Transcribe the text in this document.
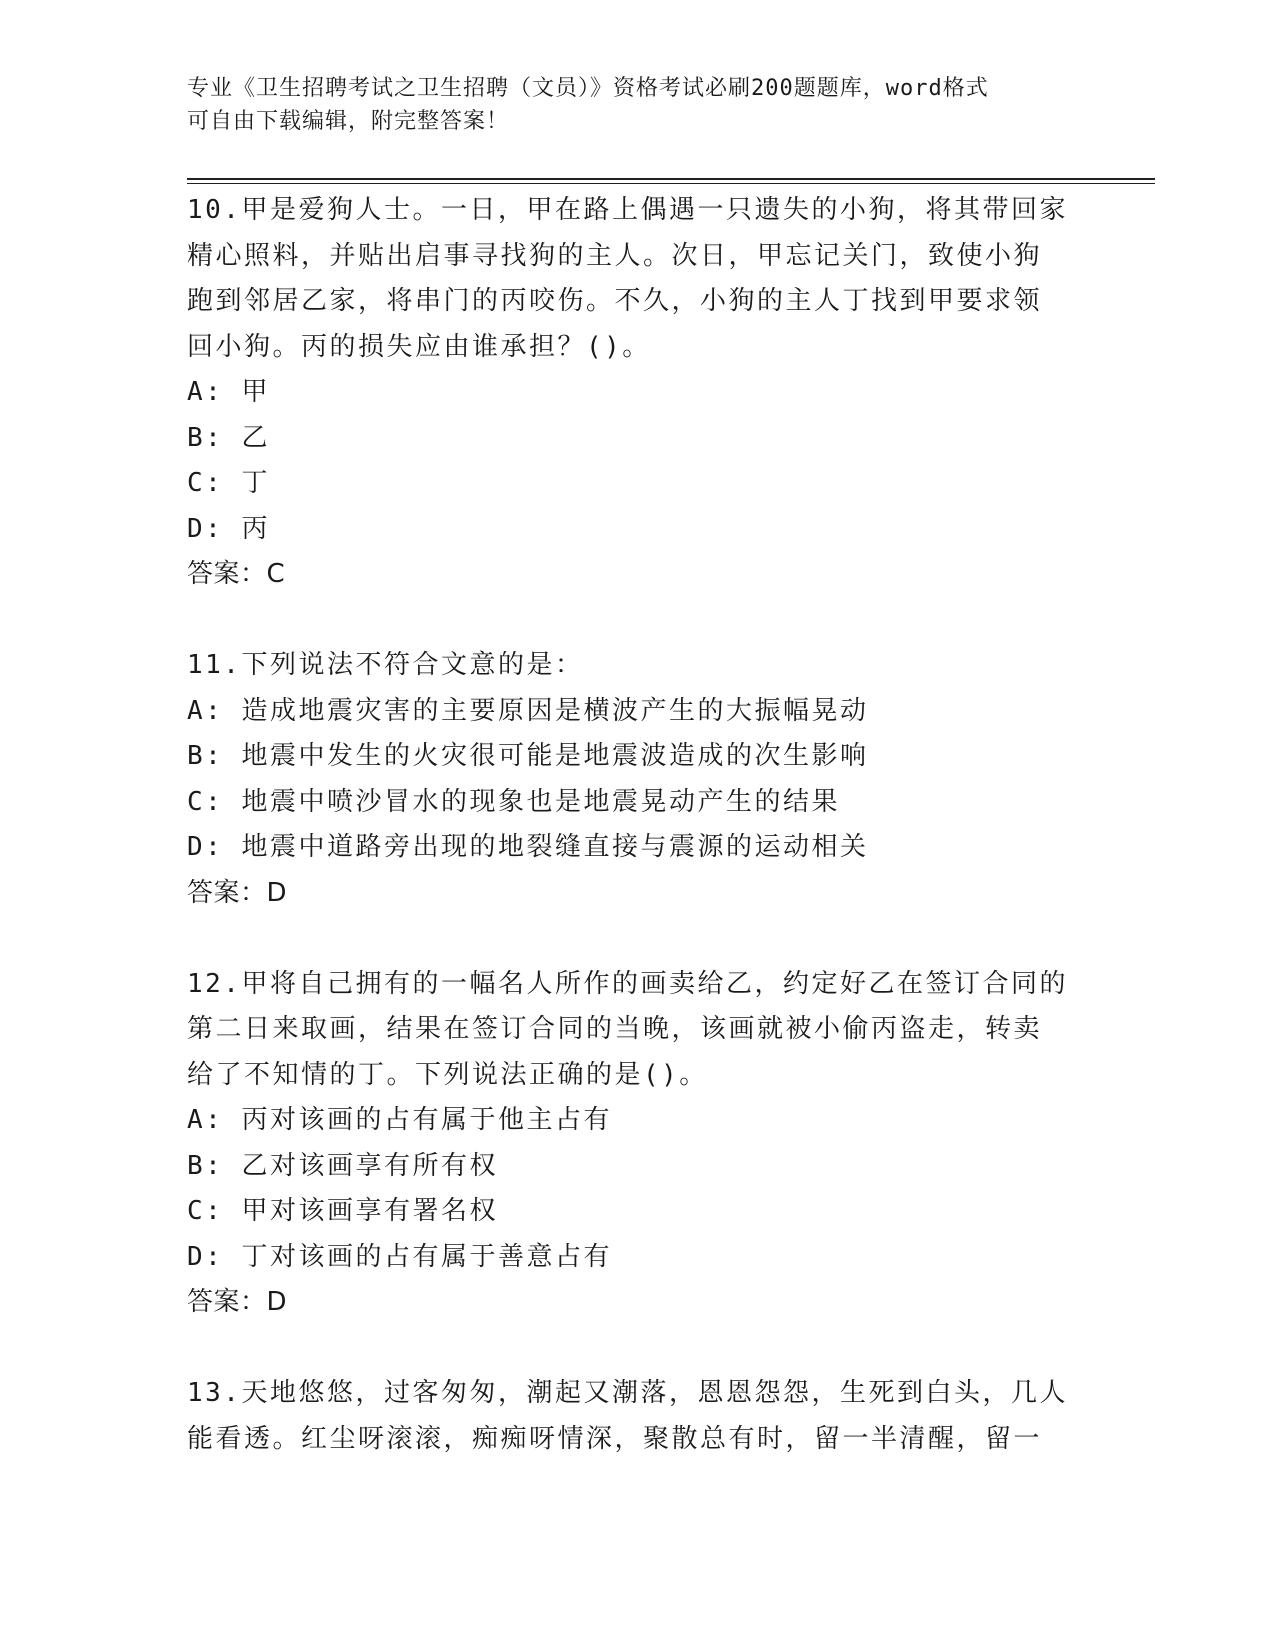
专业《卫生招聘考试之卫生招聘（文员）》资格考试必刷200题题库，word格式
可自由下载编辑，附完整答案！
10.甲是爱狗人士。一日，甲在路上偶遇一只遗失的小狗，将其带回家
精心照料，并贴出启事寻找狗的主人。次日，甲忘记关门，致使小狗
跑到邻居乙家，将串门的丙咬伤。不久，小狗的主人丁找到甲要求领
回小狗。丙的损失应由谁承担？()。
A: 甲
B: 乙
C: 丁
D: 丙
答案：C
11.下列说法不符合文意的是：
A: 造成地震灾害的主要原因是横波产生的大振幅晃动
B: 地震中发生的火灾很可能是地震波造成的次生影响
C: 地震中喷沙冒水的现象也是地震晃动产生的结果
D: 地震中道路旁出现的地裂缝直接与震源的运动相关
答案：D
12.甲将自己拥有的一幅名人所作的画卖给乙，约定好乙在签订合同的
第二日来取画，结果在签订合同的当晚，该画就被小偷丙盗走，转卖
给了不知情的丁。下列说法正确的是()。
A: 丙对该画的占有属于他主占有
B: 乙对该画享有所有权
C: 甲对该画享有署名权
D: 丁对该画的占有属于善意占有
答案：D
13.天地悠悠，过客匆匆，潮起又潮落，恩恩怨怨，生死到白头，几人
能看透。红尘呀滚滚，痴痴呀情深，聚散总有时，留一半清醒，留一
